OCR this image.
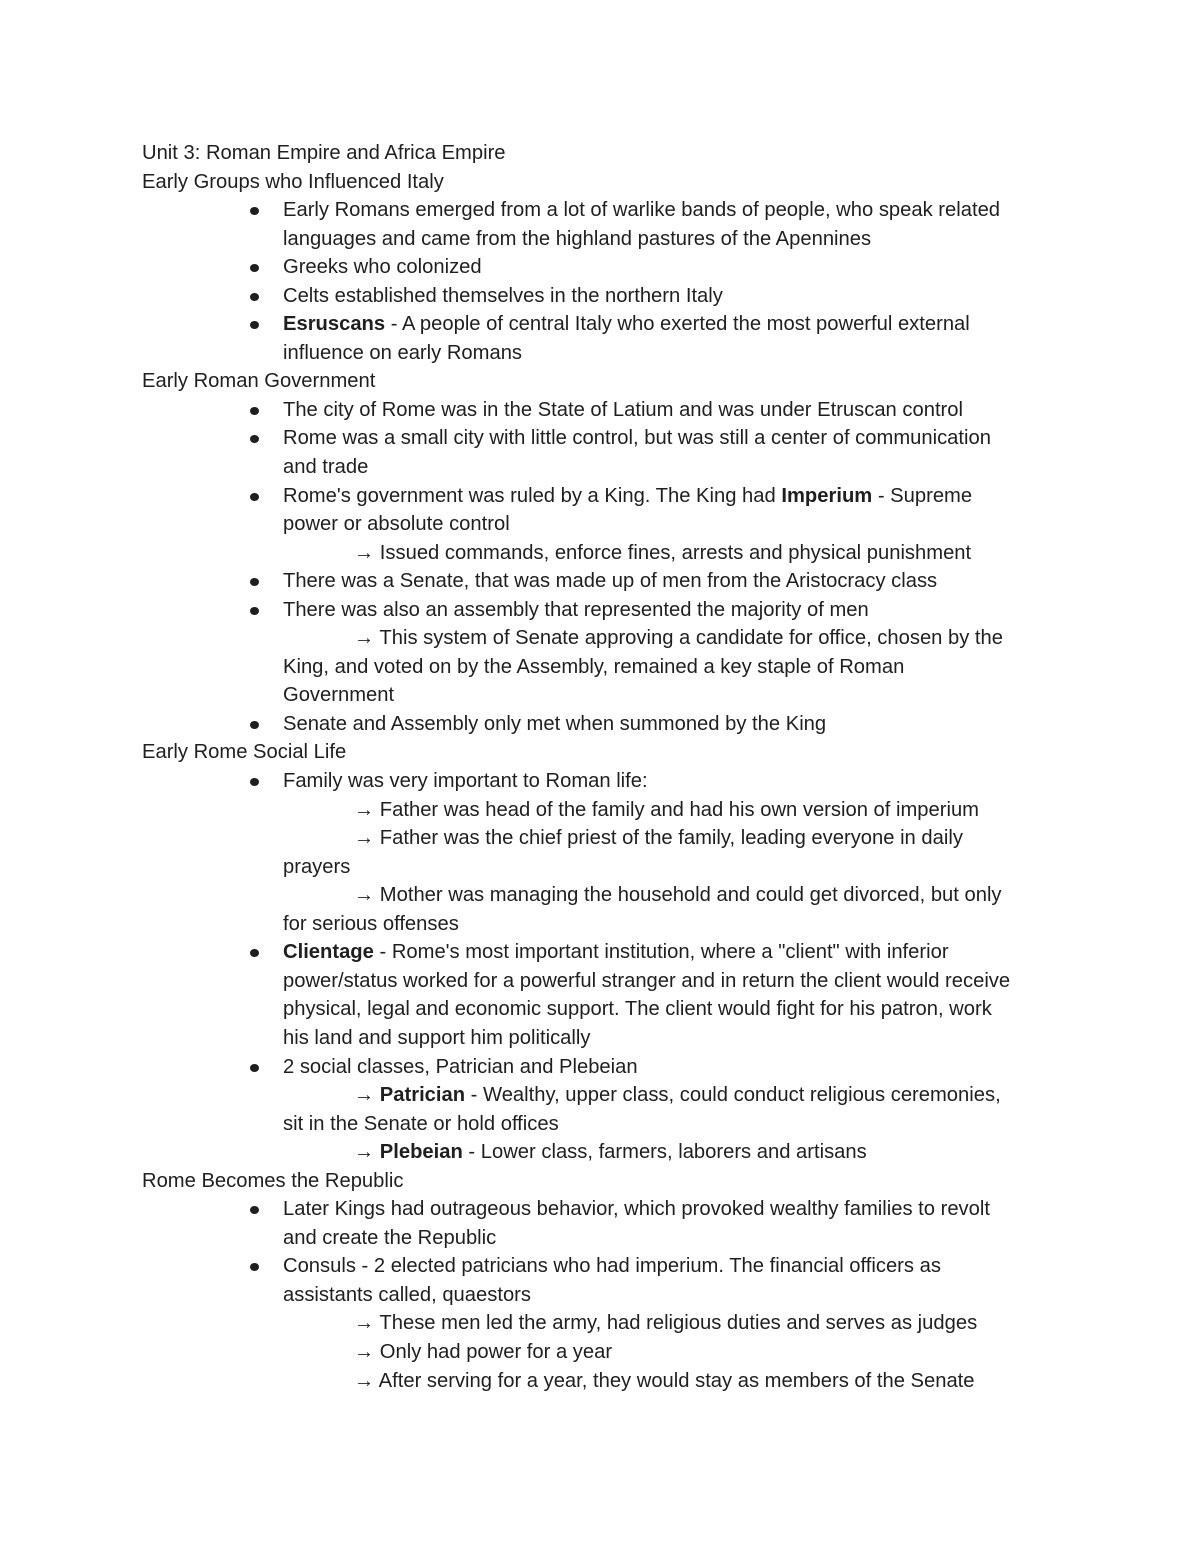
Unit 3: Roman Empire and Africa Empire
Early Groups who Influenced Italy
Early Romans emerged from a lot of warlike bands of people, who speak related
languages and came from the highland pastures of the Apennines
Greeks who colonized
Celts established themselves in the northern Italy
Esruscans - A people of central Italy who exerted the most powerful external
influence on early Romans
Early Roman Government
The city of Rome was in the State of Latium and was under Etruscan control
Rome was a small city with little control, but was still a center of communication
and trade
Rome's government was ruled by a King. The King had Imperium - Supreme
power or absolute control
→ Issued commands, enforce fines, arrests and physical punishment
There was a Senate, that was made up of men from the Aristocracy class
There was also an assembly that represented the majority of men
→ This system of Senate approving a candidate for office, chosen by the
King, and voted on by the Assembly, remained a key staple of Roman
Government
Senate and Assembly only met when summoned by the King
Early Rome Social Life
Family was very important to Roman life:
→ Father was head of the family and had his own version of imperium
→ Father was the chief priest of the family, leading everyone in daily
prayers
→ Mother was managing the household and could get divorced, but only
for serious offenses
Clientage - Rome's most important institution, where a "client" with inferior
power/status worked for a powerful stranger and in return the client would receive
physical, legal and economic support. The client would fight for his patron, work
his land and support him politically
2 social classes, Patrician and Plebeian
→ Patrician - Wealthy, upper class, could conduct religious ceremonies,
sit in the Senate or hold offices
→ Plebeian - Lower class, farmers, laborers and artisans
Rome Becomes the Republic
Later Kings had outrageous behavior, which provoked wealthy families to revolt
and create the Republic
Consuls - 2 elected patricians who had imperium. The financial officers as
assistants called, quaestors
→ These men led the army, had religious duties and serves as judges
→ Only had power for a year
→ After serving for a year, they would stay as members of the Senate
